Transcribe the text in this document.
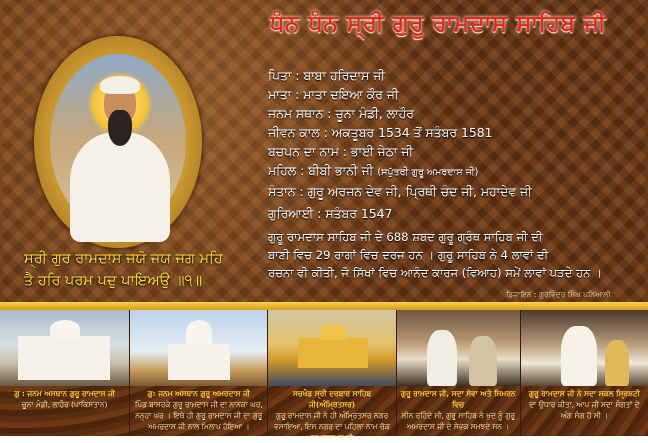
ਧੰਨ ਧੰਨ ਸ੍ਰੀ ਗੁਰੂ ਰਾਮਦਾਸ ਸਾਹਿਬ ਜੀ
ਪਿਤਾ : ਬਾਬਾ ਹਰਿਦਾਸ ਜੀ
ਮਾਤਾ : ਮਾਤਾ ਦਇਆ ਕੌਰ ਜੀ
ਜਨਮ ਸਥਾਨ : ਚੂਨਾ ਮੰਡੀ, ਲਾਹੌਰ
ਜੀਵਨ ਕਾਲ : ਅਕਤੂਬਰ 1534 ਤੋਂ ਸਤੰਬਰ 1581
ਬਚਪਨ ਦਾ ਨਾਮ : ਭਾਈ ਜੇਠਾ ਜੀ
ਮਹਿਲ : ਬੀਬੀ ਭਾਨੀ ਜੀ (ਸਪੁੱਤਰੀ ਗੁਰੂ ਅਮਰਦਾਸ ਜੀ)
ਸੰਤਾਨ : ਗੁਰੂ ਅਰਜਨ ਦੇਵ ਜੀ, ਪ੍ਰਿਥੀ ਚੰਦ ਜੀ, ਮਹਾਦੇਵ ਜੀ
ਗੁਰਿਆਈ : ਸਤੰਬਰ 1547
ਗੁਰੂ ਰਾਮਦਾਸ ਸਾਹਿਬ ਜੀ ਦੇ 688 ਸ਼ਬਦ ਗੁਰੂ ਗ੍ਰੰਥ ਸਾਹਿਬ ਜੀ ਦੀ
ਬਾਣੀ ਵਿਚ 29 ਰਾਗਾਂ ਵਿਚ ਦਰਜ ਹਨ । ਗੁਰੂ ਸਾਹਿਬ ਨੇ 4 ਲਾਵਾਂ ਦੀ
ਰਚਨਾ ਵੀ ਕੀਤੀ, ਜੋ ਸਿੱਖਾਂ ਵਿਚ ਆਨੰਦ ਕਾਰਜ (ਵਿਆਹ) ਸਮੇਂ ਲਾਵਾਂ ਪੜਦੇ ਹਨ ।
ਸ੍ਰੀ ਗੁਰ ਰਾਮਦਾਸ ਜਯੋ ਜਯ ਜਗ ਮਹਿ
ਤੈ ਹਰਿ ਪਰਮ ਪਦੁ ਪਾਇਅਉ ॥੧॥
ਡਿਜ਼ਾਇਨ : ਗੁਰਵਿੰਦਰ ਸਿੰਘ ਪਨਿਆਲੀ
ਗੁ : ਜਨਮ ਅਸਥਾਨ ਗੁਰੂ ਰਾਮਦਾਸ ਜੀ
ਚੂਨਾ ਮੰਡੀ, ਲਾਹੌਰ (ਪਾਕਿਸਤਾਨ)
ਗੁ: ਜਨਮ ਅਸਥਾਨ ਗੁਰੂ ਅਮਰਦਾਸ ਜੀ
ਪਿੰਡ ਬਾਸਰਕੇ ਗੁਰੂ ਰਾਮਦਾਸ ਜੀ ਦਾ ਨਾਨਕਾ ਘਰ, ਨਨ੍ਹਾ ਘਰ । ਇਥੇ ਹੀ ਗੁਰੂ ਰਾਮਦਾਸ ਜੀ ਦਾ ਗੁਰੂ ਅਮਰਦਾਸ ਜੀ ਨਾਲ ਮਿਲਾਪ ਹੋਇਆ ।
ਸਚਖੰਡ ਸ੍ਰੀ ਦਰਬਾਰ ਸਾਹਿਬ ਜੀ(ਅੰਮ੍ਰਿਤਸਰ)
ਗੁਰੂ ਰਾਮਦਾਸ ਜੀ ਨੇ ਹੀ ਅੰਮ੍ਰਿਤਸਰ ਨਗਰ ਵਸਾਇਆ, ਇਸ ਨਗਰ ਦਾ ਪਹਿਲਾ ਨਾਮ ਚੱਕ ਰਾਮਦਾਸਪੁਰ ਸੀ
ਗੁਰੂ ਰਾਮਦਾਸ ਜੀ, ਸਦਾ ਸੇਵਾ ਅਤੇ ਸਿਮਰਨ ਵਿਚ
ਲੀਨ ਰਹਿੰਦੇ ਸੀ, ਗੁਰੂ ਸਾਹਿਬ ਨੇ ਖੁਦ ਨੂੰ ਗੁਰੂ ਅਮਰਦਾਸ ਜੀ ਦੇ ਸੇਵਕ ਸਮਝਦੇ ਸਨ ।
ਗੁਰੂ ਰਾਮਦਾਸ ਜੀ ਨੇ ਸਦਾ ਸਕਲ ਸ੍ਰਿਸ਼ਟੀ
ਦਾ ਉਧਾਰ ਕੀਤਾ, ਆਪ ਜੀ ਸਦਾ ਸੰਗਤਾਂ ਦੇ ਅੰਗ ਸੰਗ ਹੋ ਸੀ ।
